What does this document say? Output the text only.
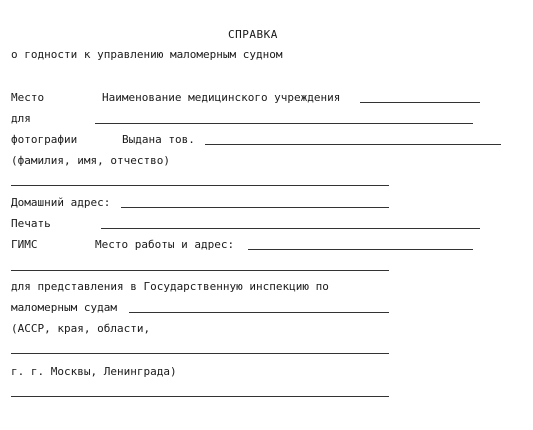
СПРАВКА
о годности к управлению маломерным судном
Место	Наименование медицинского учреждения
для
фотографии	Выдана тов.
(фамилия, имя, отчество)
Домашний адрес:
Печать
ГИМС	Место работы и адрес:
для представления в Государственную инспекцию по
маломерным судам
(АССР, края, области,
г. г. Москвы, Ленинграда)
